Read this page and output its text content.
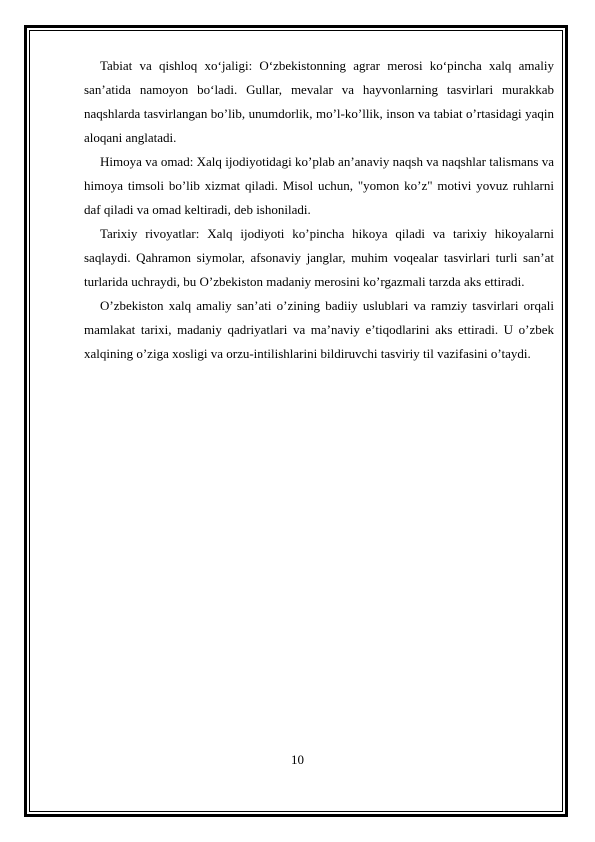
Tabiat va qishloq xoʻjaligi: Oʻzbekistonning agrar merosi koʻpincha xalq amaliy sanʼatida namoyon boʻladi. Gullar, mevalar va hayvonlarning tasvirlari murakkab naqshlarda tasvirlangan bo’lib, unumdorlik, mo’l-ko’llik, inson va tabiat o’rtasidagi yaqin aloqani anglatadi.

Himoya va omad: Xalq ijodiyotidagi ko’plab an’anaviy naqsh va naqshlar talismans va himoya timsoli bo’lib xizmat qiladi. Misol uchun, "yomon ko’z" motivi yovuz ruhlarni daf qiladi va omad keltiradi, deb ishoniladi.

Tarixiy rivoyatlar: Xalq ijodiyoti ko’pincha hikoya qiladi va tarixiy hikoyalarni saqlaydi. Qahramon siymolar, afsonaviy janglar, muhim voqealar tasvirlari turli san’at turlarida uchraydi, bu O’zbekiston madaniy merosini ko’rgazmali tarzda aks ettiradi.

O’zbekiston xalq amaliy san’ati o’zining badiiy uslublari va ramziy tasvirlari orqali mamlakat tarixi, madaniy qadriyatlari va ma’naviy e’tiqodlarini aks ettiradi. U o’zbek xalqining o’ziga xosligi va orzu-intilishlarini bildiruvchi tasviriy til vazifasini o’taydi.

10
